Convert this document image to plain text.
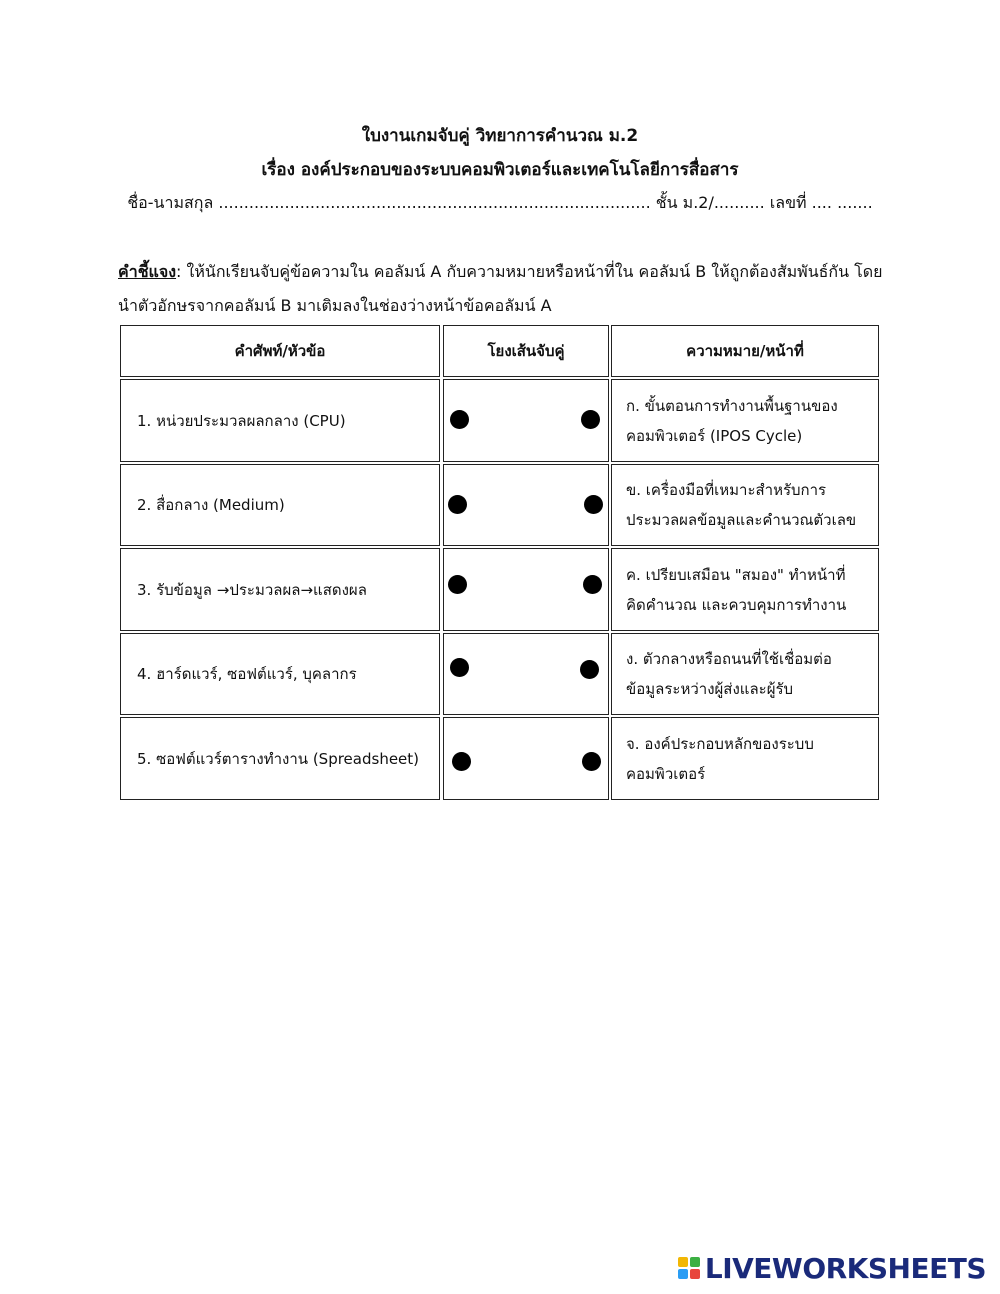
ใบงานเกมจับคู่ วิทยาการคำนวณ ม.2
เรื่อง องค์ประกอบของระบบคอมพิวเตอร์และเทคโนโลยีการสื่อสาร
ชื่อ-นามสกุล ..................................................................................... ชั้น ม.2/.......... เลขที่ .... .......
คำชี้แจง: ให้นักเรียนจับคู่ข้อความใน คอลัมน์ A กับความหมายหรือหน้าที่ใน คอลัมน์ B ให้ถูกต้องสัมพันธ์กัน โดยนำตัวอักษรจากคอลัมน์ B มาเติมลงในช่องว่างหน้าข้อคอลัมน์ A
คำศัพท์/หัวข้อ	โยงเส้นจับคู่	ความหมาย/หน้าที่
1. หน่วยประมวลผลกลาง (CPU)
ก. ขั้นตอนการทำงานพื้นฐานของคอมพิวเตอร์ (IPOS Cycle)
2. สื่อกลาง (Medium)
ข. เครื่องมือที่เหมาะสำหรับการประมวลผลข้อมูลและคำนวณตัวเลข
3. รับข้อมูล →ประมวลผล→แสดงผล
ค. เปรียบเสมือน "สมอง" ทำหน้าที่คิดคำนวณ และควบคุมการทำงาน
4. ฮาร์ดแวร์, ซอฟต์แวร์, บุคลากร
ง. ตัวกลางหรือถนนที่ใช้เชื่อมต่อข้อมูลระหว่างผู้ส่งและผู้รับ
5. ซอฟต์แวร์ตารางทำงาน (Spreadsheet)
จ. องค์ประกอบหลักของระบบคอมพิวเตอร์
LIVEWORKSHEETS
